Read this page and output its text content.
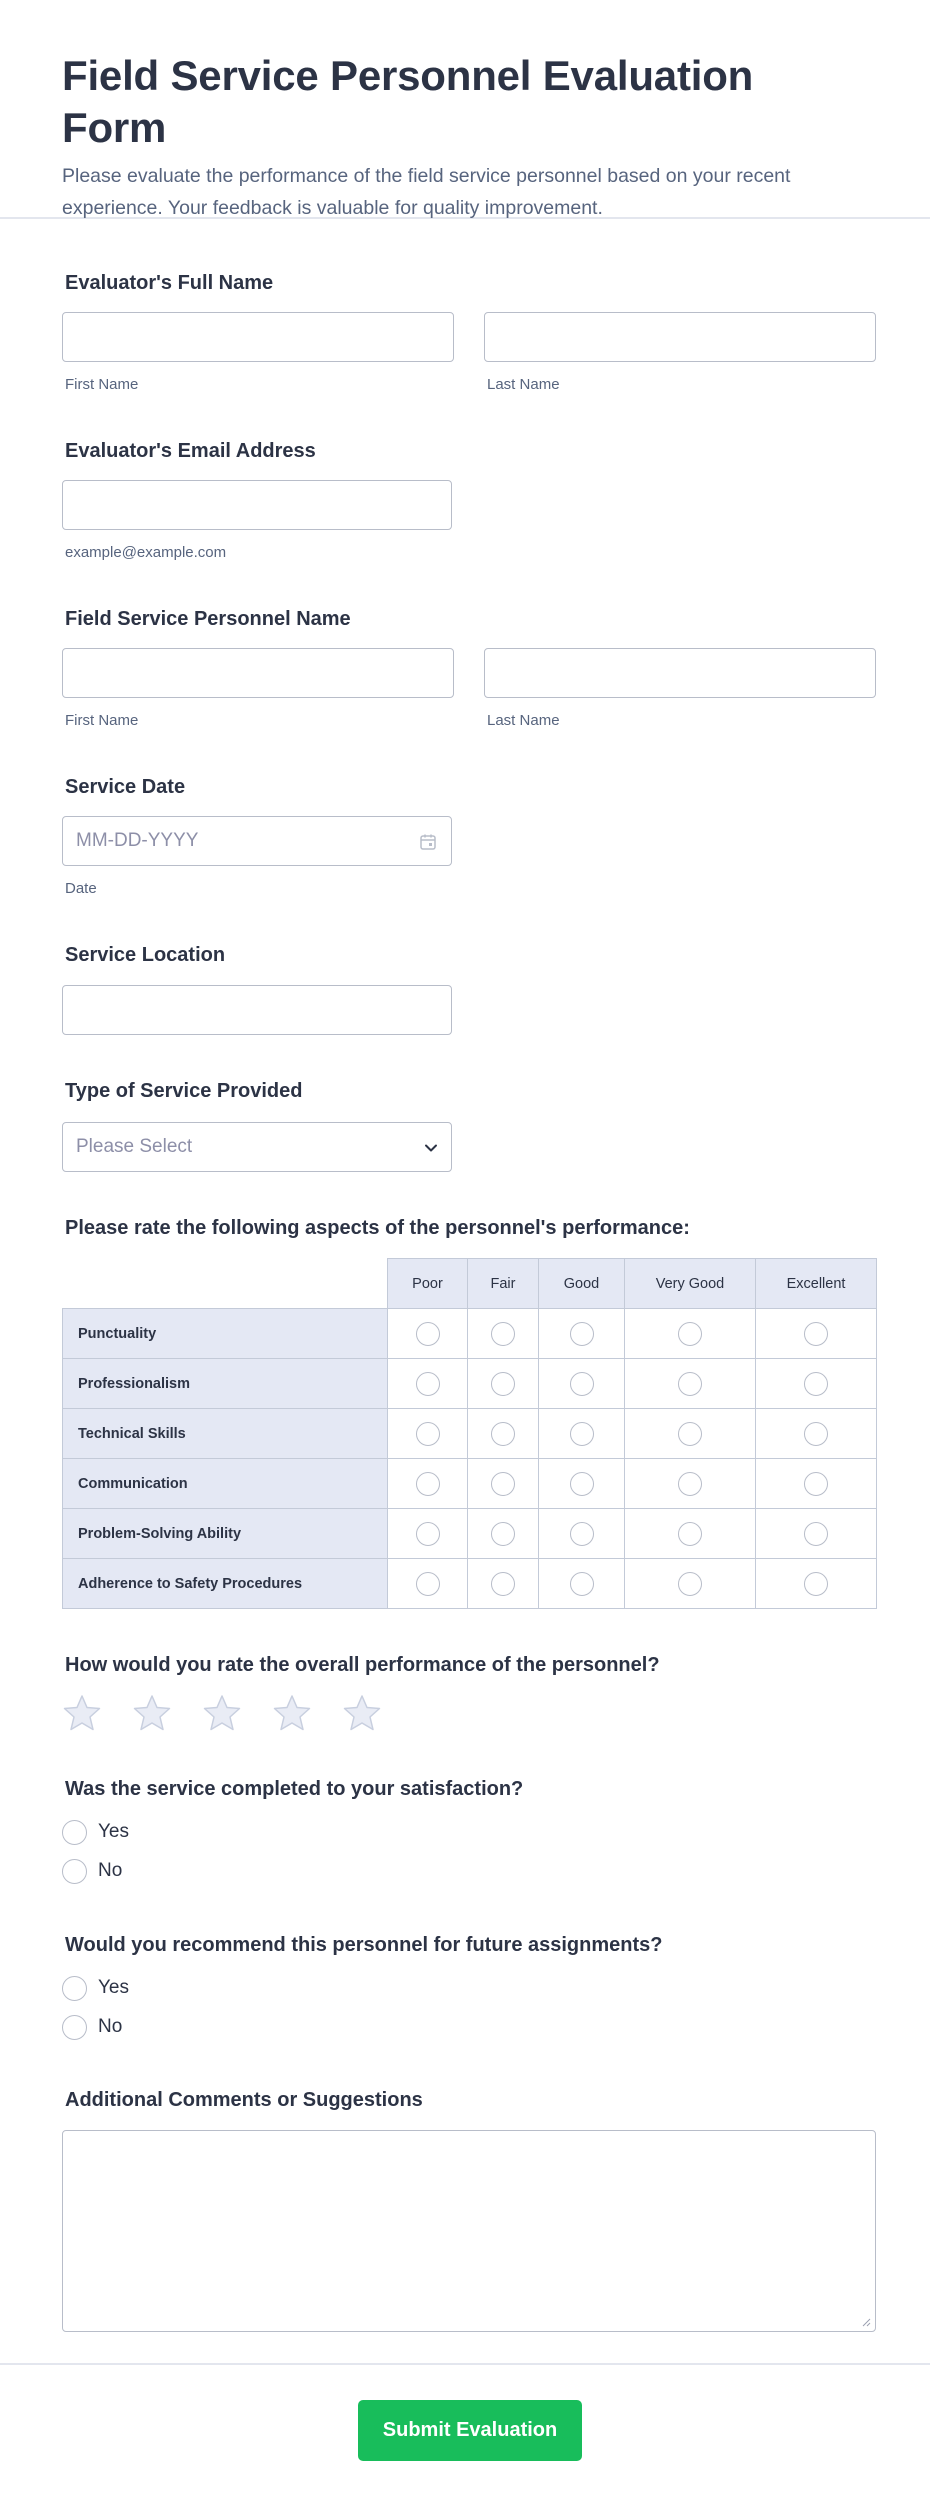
Field Service Personnel Evaluation Form

Please evaluate the performance of the field service personnel based on your recent experience. Your feedback is valuable for quality improvement.

Evaluator's Full Name
First Name	Last Name
Evaluator's Email Address
example@example.com
Field Service Personnel Name
First Name	Last Name
Service Date
MM-DD-YYYY
Date
Service Location
Type of Service Provided
Please Select
Please rate the following aspects of the personnel's performance:
	Poor	Fair	Good	Very Good	Excellent
Punctuality					
Professionalism					
Technical Skills					
Communication					
Problem-Solving Ability					
Adherence to Safety Procedures					
How would you rate the overall performance of the personnel?
Was the service completed to your satisfaction?
Yes
No
Would you recommend this personnel for future assignments?
Yes
No
Additional Comments or Suggestions
Submit Evaluation
